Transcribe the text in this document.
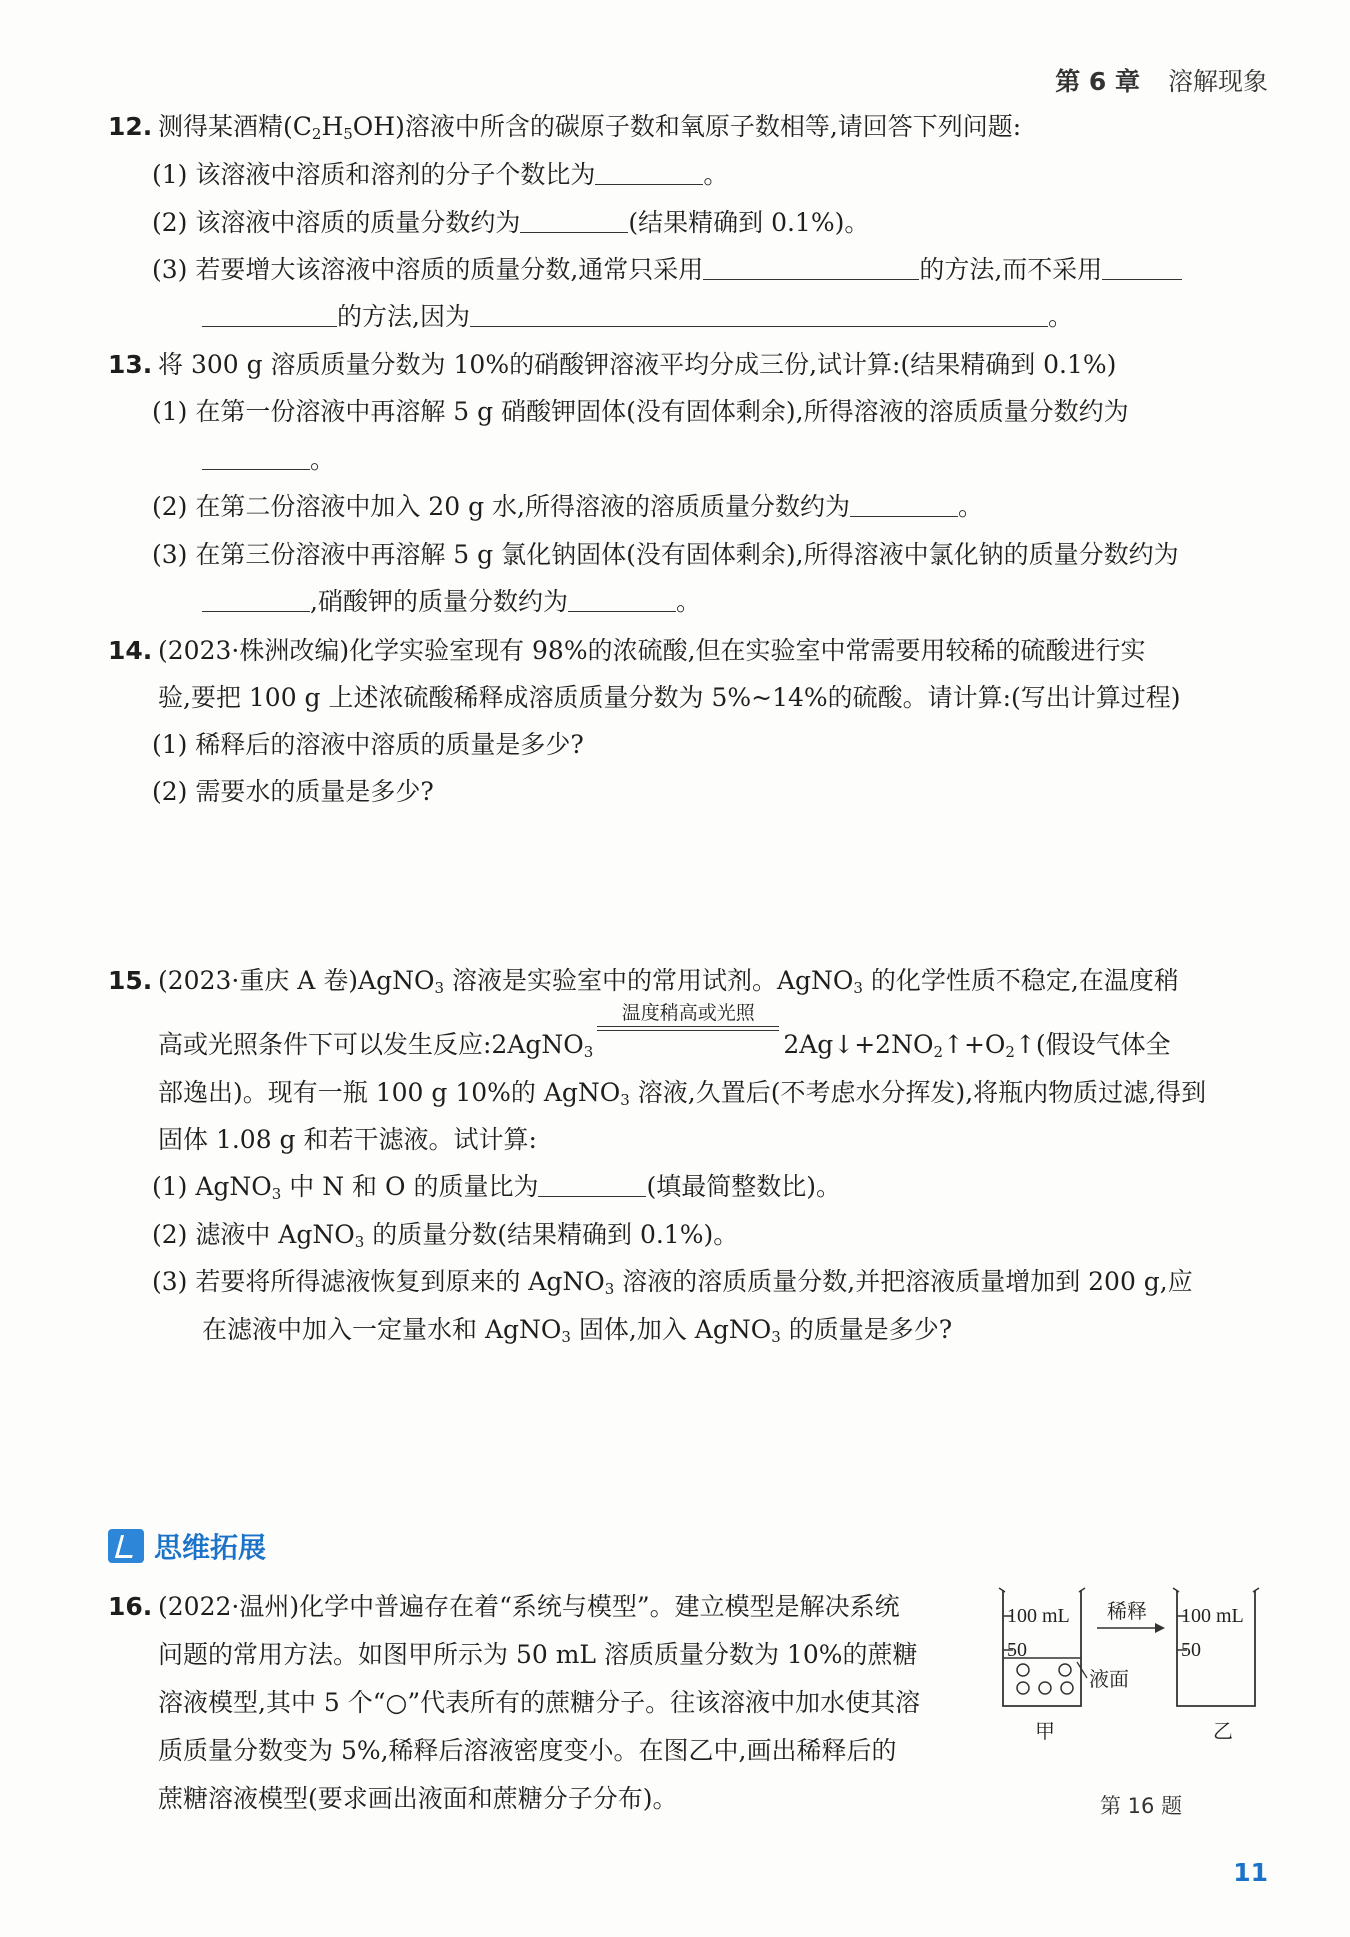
第 6 章 溶解现象
12. 测得某酒精$(C_2H_5OH)$溶液中所含的碳原子数和氧原子数相等,请回答下列问题:
(1) 该溶液中溶质和溶剂的分子个数比为	。
(2) 该溶液中溶质的质量分数约为	(结果精确到 0.1%)。
(3) 若要增大该溶液中溶质的质量分数,通常只采用	的方法,而不采用
的方法,因为	。
13. 将 300 g 溶质质量分数为 10%的硝酸钾溶液平均分成三份,试计算:(结果精确到 0.1%)
(1) 在第一份溶液中再溶解 5 g 硝酸钾固体(没有固体剩余),所得溶液的溶质质量分数约为
。
(2) 在第二份溶液中加入 20 g 水,所得溶液的溶质质量分数约为	。
(3) 在第三份溶液中再溶解 5 g 氯化钠固体(没有固体剩余),所得溶液中氯化钠的质量分数约为
,硝酸钾的质量分数约为	。
14. (2023·株洲改编)化学实验室现有 98%的浓硫酸,但在实验室中常需要用较稀的硫酸进行实
验,要把 100 g 上述浓硫酸稀释成溶质质量分数为 5%~14%的硫酸。请计算:(写出计算过程)
(1) 稀释后的溶液中溶质的质量是多少?
(2) 需要水的质量是多少?
15. (2023·重庆 A 卷)AgNO$_3$ 溶液是实验室中的常用试剂。AgNO$_3$ 的化学性质不稳定,在温度稍
高或光照条件下可以发生反应:2AgNO$_3$
温度稍高或光照
$2Ag↓+2NO_2↑+O_2↑$(假设气体全
部逸出)。现有一瓶 100 g 10%的 AgNO$_3$ 溶液,久置后(不考虑水分挥发),将瓶内物质过滤,得到
固体 1.08 g 和若干滤液。试计算:
(1) AgNO$_3$ 中 N 和 O 的质量比为	(填最简整数比)。
(2) 滤液中 AgNO$_3$ 的质量分数(结果精确到 0.1%)。
(3) 若要将所得滤液恢复到原来的 AgNO$_3$ 溶液的溶质质量分数,并把溶液质量增加到 200 g,应
在滤液中加入一定量水和 AgNO$_3$ 固体,加入 AgNO$_3$ 的质量是多少?
思维拓展
16. (2022·温州)化学中普遍存在着“系统与模型”。建立模型是解决系统
问题的常用方法。如图甲所示为 50 mL 溶质质量分数为 10%的蔗糖
溶液模型,其中 5 个“○”代表所有的蔗糖分子。往该溶液中加水使其溶
质质量分数变为 5%,稀释后溶液密度变小。在图乙中,画出稀释后的
蔗糖溶液模型(要求画出液面和蔗糖分子分布)。
100 mL
50
甲
稀释
液面
100 mL
50
乙
第 16 题
11
